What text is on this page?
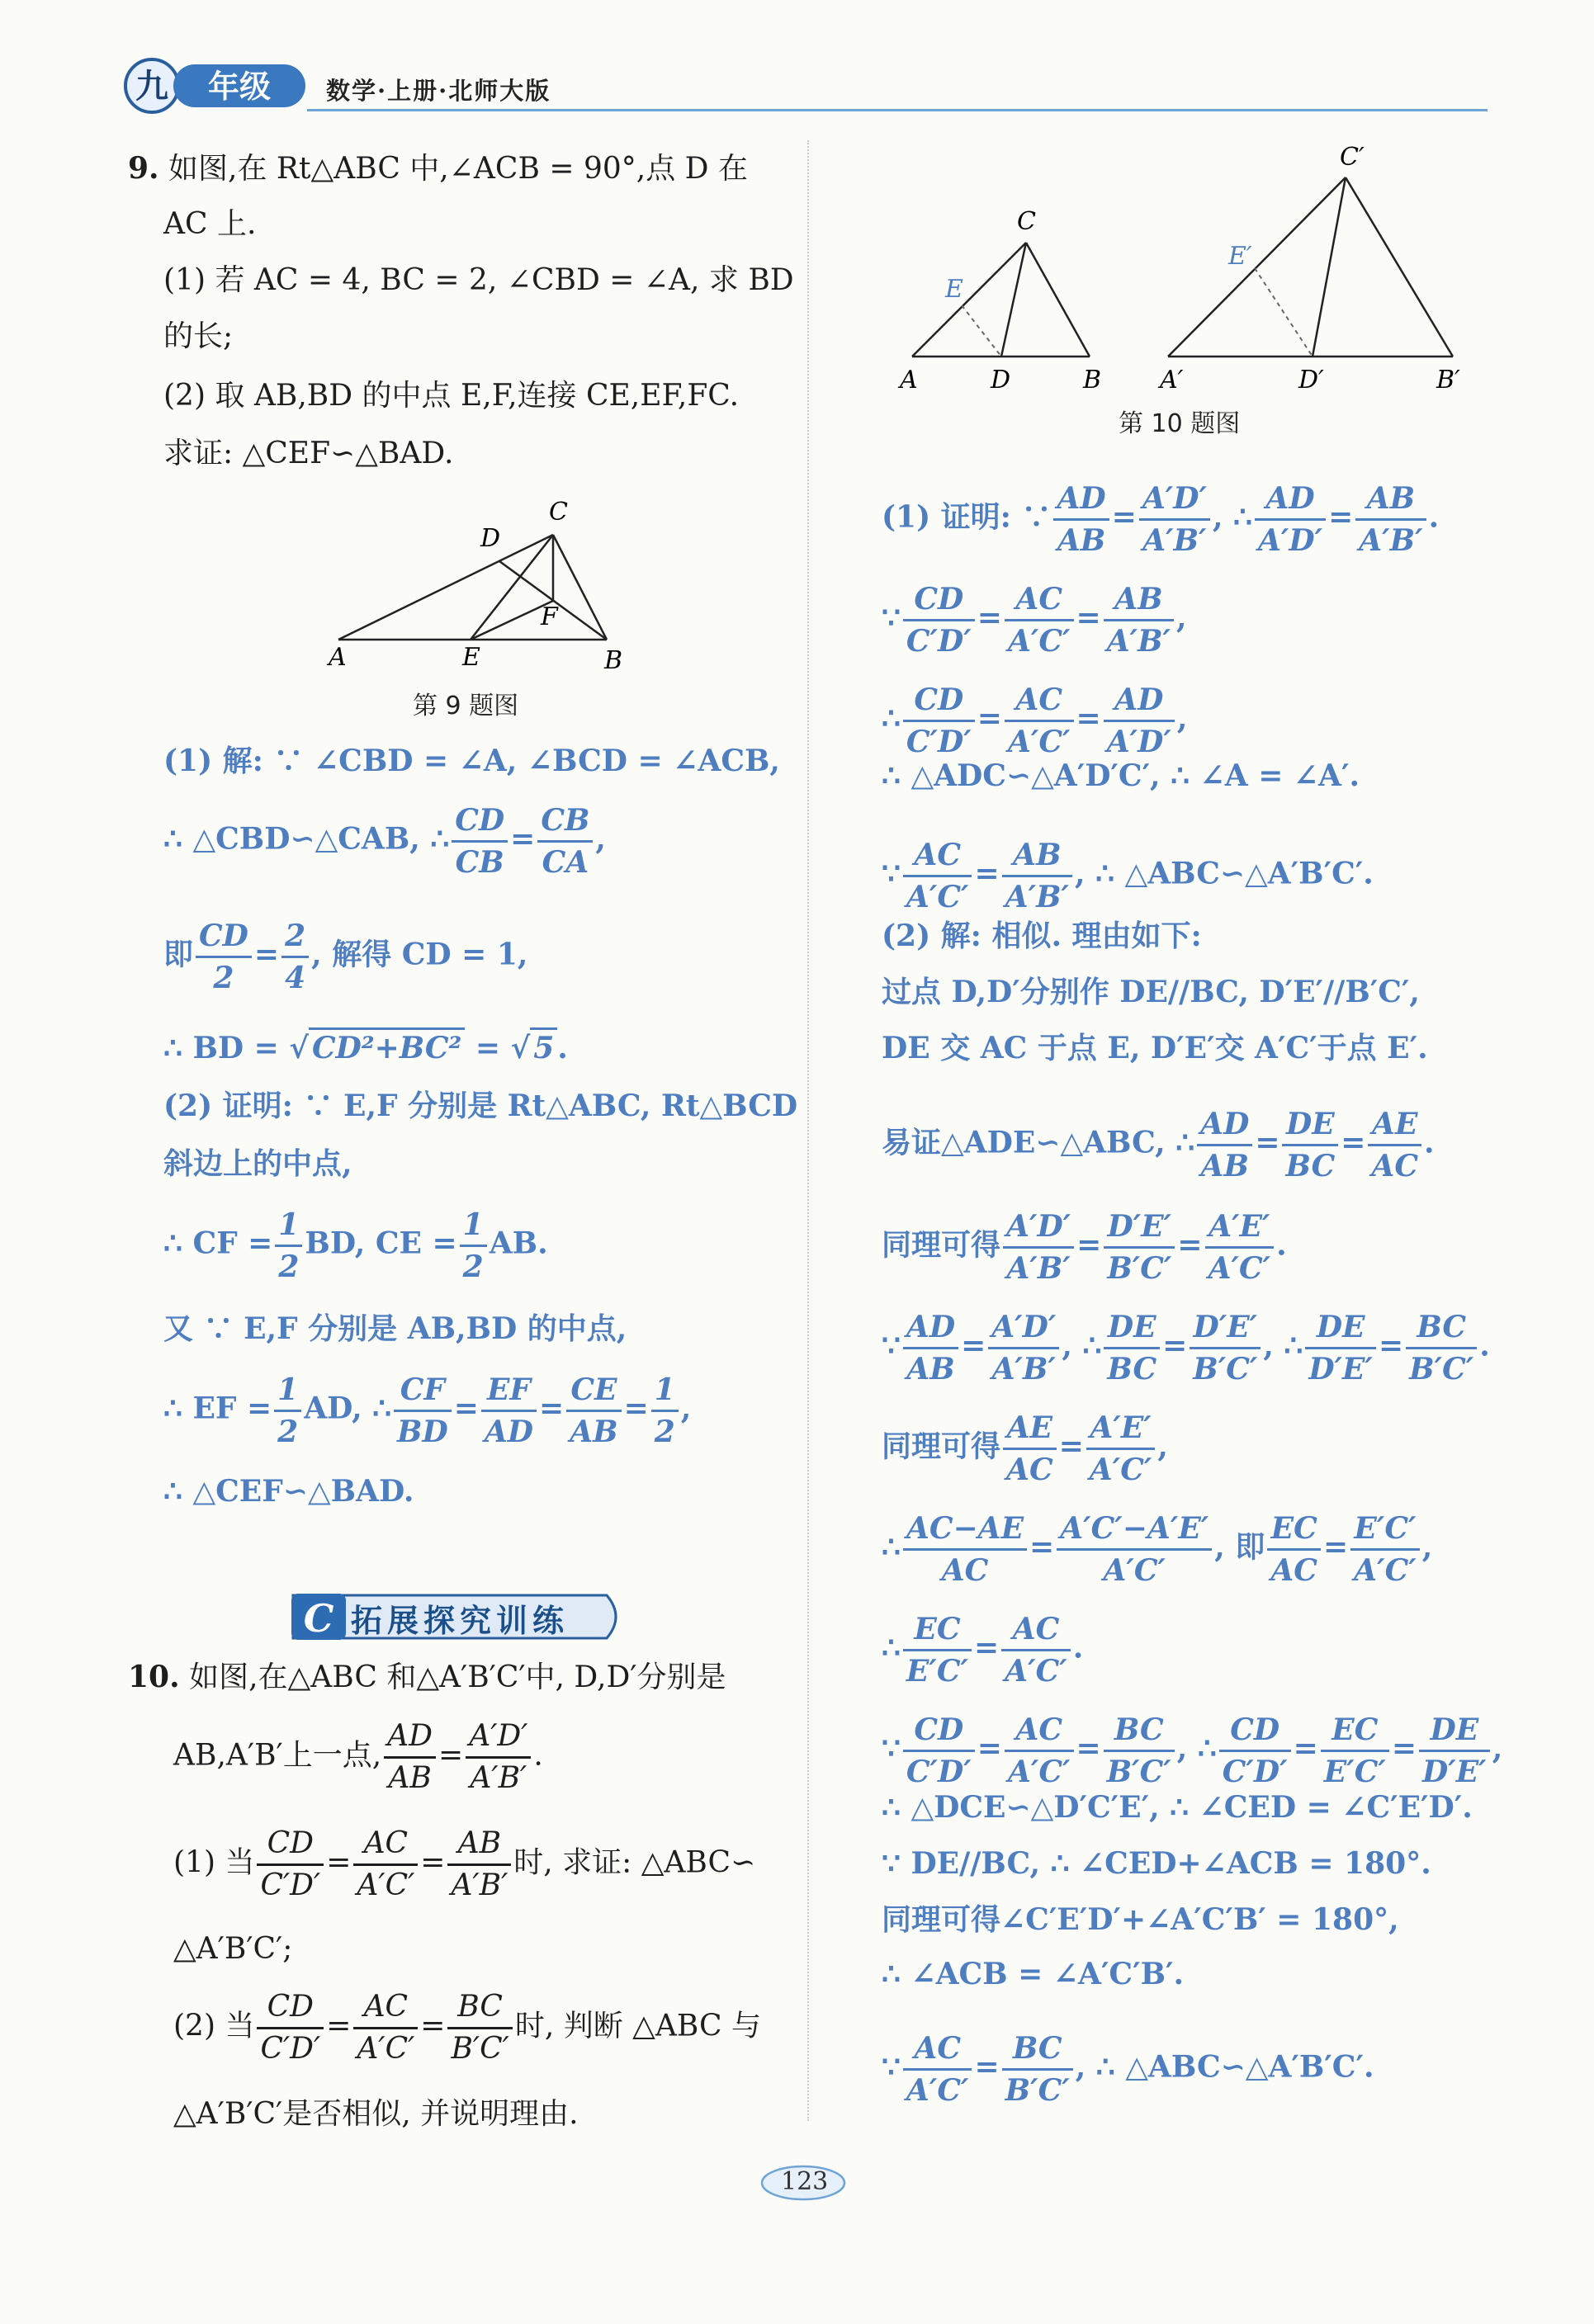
九 年级 数学·上册·北师大版
9. 如图,在 Rt△ABC 中,∠ACB = 90°,点 D 在
AC 上.
(1) 若 AC = 4, BC = 2, ∠CBD = ∠A, 求 BD
的长;
(2) 取 AB,BD 的中点 E,F,连接 CE,EF,FC.
求证: △CEF∽△BAD.
A	B
C
D
E
F
第 9 题图
(1) 解: ∵ ∠CBD = ∠A, ∠BCD = ∠ACB,
∴ △CBD∽△CAB, ∴ $\frac{CD}{CB} = \frac{CB}{CA}$ ,
即 $\frac{CD}{2} = \frac{2}{4}$ , 解得 CD = 1,
∴ BD = √ CD²+BC² = √ 5 .
(2) 证明: ∵ E,F 分别是 Rt△ABC, Rt△BCD
斜边上的中点,
∴ CF = $\frac{1}{2}$ BD, CE = $\frac{1}{2}$ AB.
又 ∵ E,F 分别是 AB,BD 的中点,
∴ EF = $\frac{1}{2}$ AD, ∴ $\frac{CF}{BD} = \frac{EF}{AD} = \frac{CE}{AB} = \frac{1}{2}$ ,
∴ △CEF∽△BAD.
C 拓展探究训练
10. 如图,在△ABC 和△A′B′C′中, D,D′分别是
AB,A′B′上一点, $\frac{AD}{AB} = \frac{A'D'}{A'B'}$ .
(1) 当 $\frac{CD}{C'D'} = \frac{AC}{A'C'} = \frac{AB}{A'B'}$ 时, 求证: △ABC∽
△A′B′C′;
(2) 当 $\frac{CD}{C'D'} = \frac{AC}{A'C'} = \frac{BC}{B'C'}$ 时, 判断 △ABC 与
△A′B′C′是否相似, 并说明理由.
A	B
C
D
E
A′	B′
C′
D′
E′
第 10 题图
(1) 证明: ∵ $\frac{AD}{AB} = \frac{A'D'}{A'B'}$ , ∴ $\frac{AD}{A'D'} = \frac{AB}{A'B'}$ .
∵ $\frac{CD}{C'D'} = \frac{AC}{A'C'} = \frac{AB}{A'B'}$ ,
∴ $\frac{CD}{C'D'} = \frac{AC}{A'C'} = \frac{AD}{A'D'}$ ,
∴ △ADC∽△A′D′C′, ∴ ∠A = ∠A′.
∵ $\frac{AC}{A'C'} = \frac{AB}{A'B'}$ , ∴ △ABC∽△A′B′C′.
(2) 解: 相似. 理由如下:
过点 D,D′分别作 DE//BC, D′E′//B′C′,
DE 交 AC 于点 E, D′E′交 A′C′于点 E′.
易证△ADE∽△ABC, ∴ $\frac{AD}{AB} = \frac{DE}{BC} = \frac{AE}{AC}$ .
同理可得 $\frac{A'D'}{A'B'} = \frac{D'E'}{B'C'} = \frac{A'E'}{A'C'}$ .
∵ $\frac{AD}{AB} = \frac{A'D'}{A'B'}$ , ∴ $\frac{DE}{BC} = \frac{D'E'}{B'C'}$ , ∴ $\frac{DE}{D'E'} = \frac{BC}{B'C'}$ .
同理可得 $\frac{AE}{AC} = \frac{A'E'}{A'C'}$ ,
∴ $\frac{AC-AE}{AC} = \frac{A'C'-A'E'}{A'C'}$ , 即 $\frac{EC}{AC} = \frac{E'C'}{A'C'}$ ,
∴ $\frac{EC}{E'C'} = \frac{AC}{A'C'}$ .
∵ $\frac{CD}{C'D'} = \frac{AC}{A'C'} = \frac{BC}{B'C'}$ , ∴ $\frac{CD}{C'D'} = \frac{EC}{E'C'} = \frac{DE}{D'E'}$ ,
∴ △DCE∽△D′C′E′, ∴ ∠CED = ∠C′E′D′.
∵ DE//BC, ∴ ∠CED+∠ACB = 180°.
同理可得∠C′E′D′+∠A′C′B′ = 180°,
∴ ∠ACB = ∠A′C′B′.
∵ $\frac{AC}{A'C'} = \frac{BC}{B'C'}$ , ∴ △ABC∽△A′B′C′.
123
